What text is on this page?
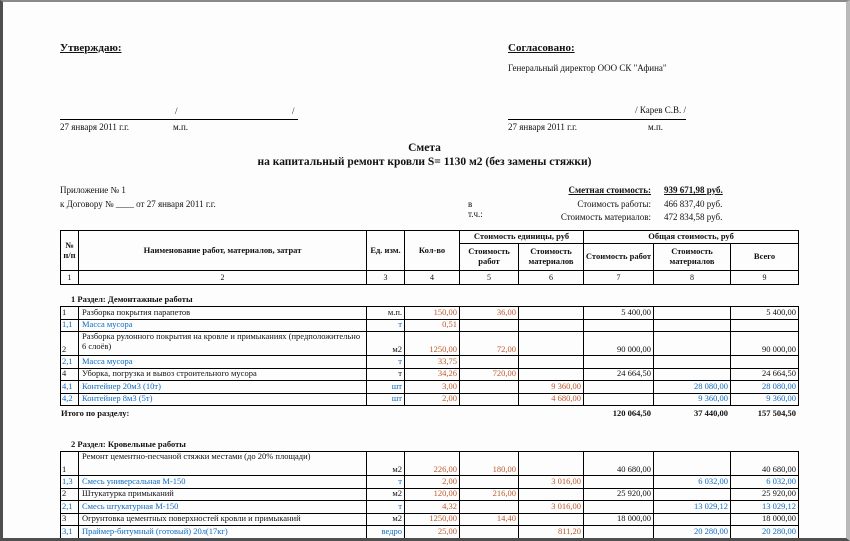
Утверждаю:
/	/
27 января 2011 г.г.	м.п.
Согласовано:
Генеральный директор ООО СК "Афина"
/ Карев С.В. /
27 января 2011 г.г.	м.п.
Смета
на капитальный ремонт кровли S= 1130 м2 (без замены стяжки)
Приложение № 1
к Договору № ____ от 27 января 2011 г.г.
Сметная стоимость: 939 671,98 руб.
в т.ч.:
Стоимость работы: 466 837,40 руб.
Стоимость материалов: 472 834,58 руб.
№ п/п	Наименование работ, материалов, затрат	Ед. изм.	Кол-во	Стоимость единицы, руб		Общая стоимость, руб		
				Стоимость работ	Стоимость материалов	Стоимость работ	Стоимость материалов	Всего
1	2	3	4	5	6	7	8	9
1 Раздел: Демонтажные работы
1	Разборка покрытия парапетов	м.п.	150,00	36,00		5 400,00		5 400,00
1,1	Масса мусора	т	0,51					
2	Разборка рулонного покрытия на кровле и примыканиях (предположительно 6 слоёв)	м2	1250,00	72,00		90 000,00		90 000,00
2,1	Масса мусора	т	33,75					
4	Уборка, погрузка и вывоз строительного мусора	т	34,26	720,00		24 664,50		24 664,50
4,1	Контейнер 20м3 (10т)	шт	3,00		9 360,00		28 080,00	28 080,00
4,2	Контейнер 8м3 (5т)	шт	2,00		4 680,00		9 360,00	9 360,00
Итого по разделу:	120 064,50	37 440,00	157 504,50
2 Раздел: Кровельные работы
1	Ремонт цементно-песчаной стяжки местами (до 20% площади)	м2	226,00	180,00		40 680,00		40 680,00
1,3	Смесь универсальная М-150	т	2,00		3 016,00		6 032,00	6 032,00
2	Штукатурка примыканий	м2	120,00	216,00		25 920,00		25 920,00
2,1	Смесь штукатурная М-150	т	4,32		3 016,00		13 029,12	13 029,12
3	Огрунтовка цементных поверхностей кровли и примыканий	м2	1250,00	14,40		18 000,00		18 000,00
3,1	Праймер-битумный (готовый) 20л(17кг)	ведро	25,00		811,20		20 280,00	20 280,00
